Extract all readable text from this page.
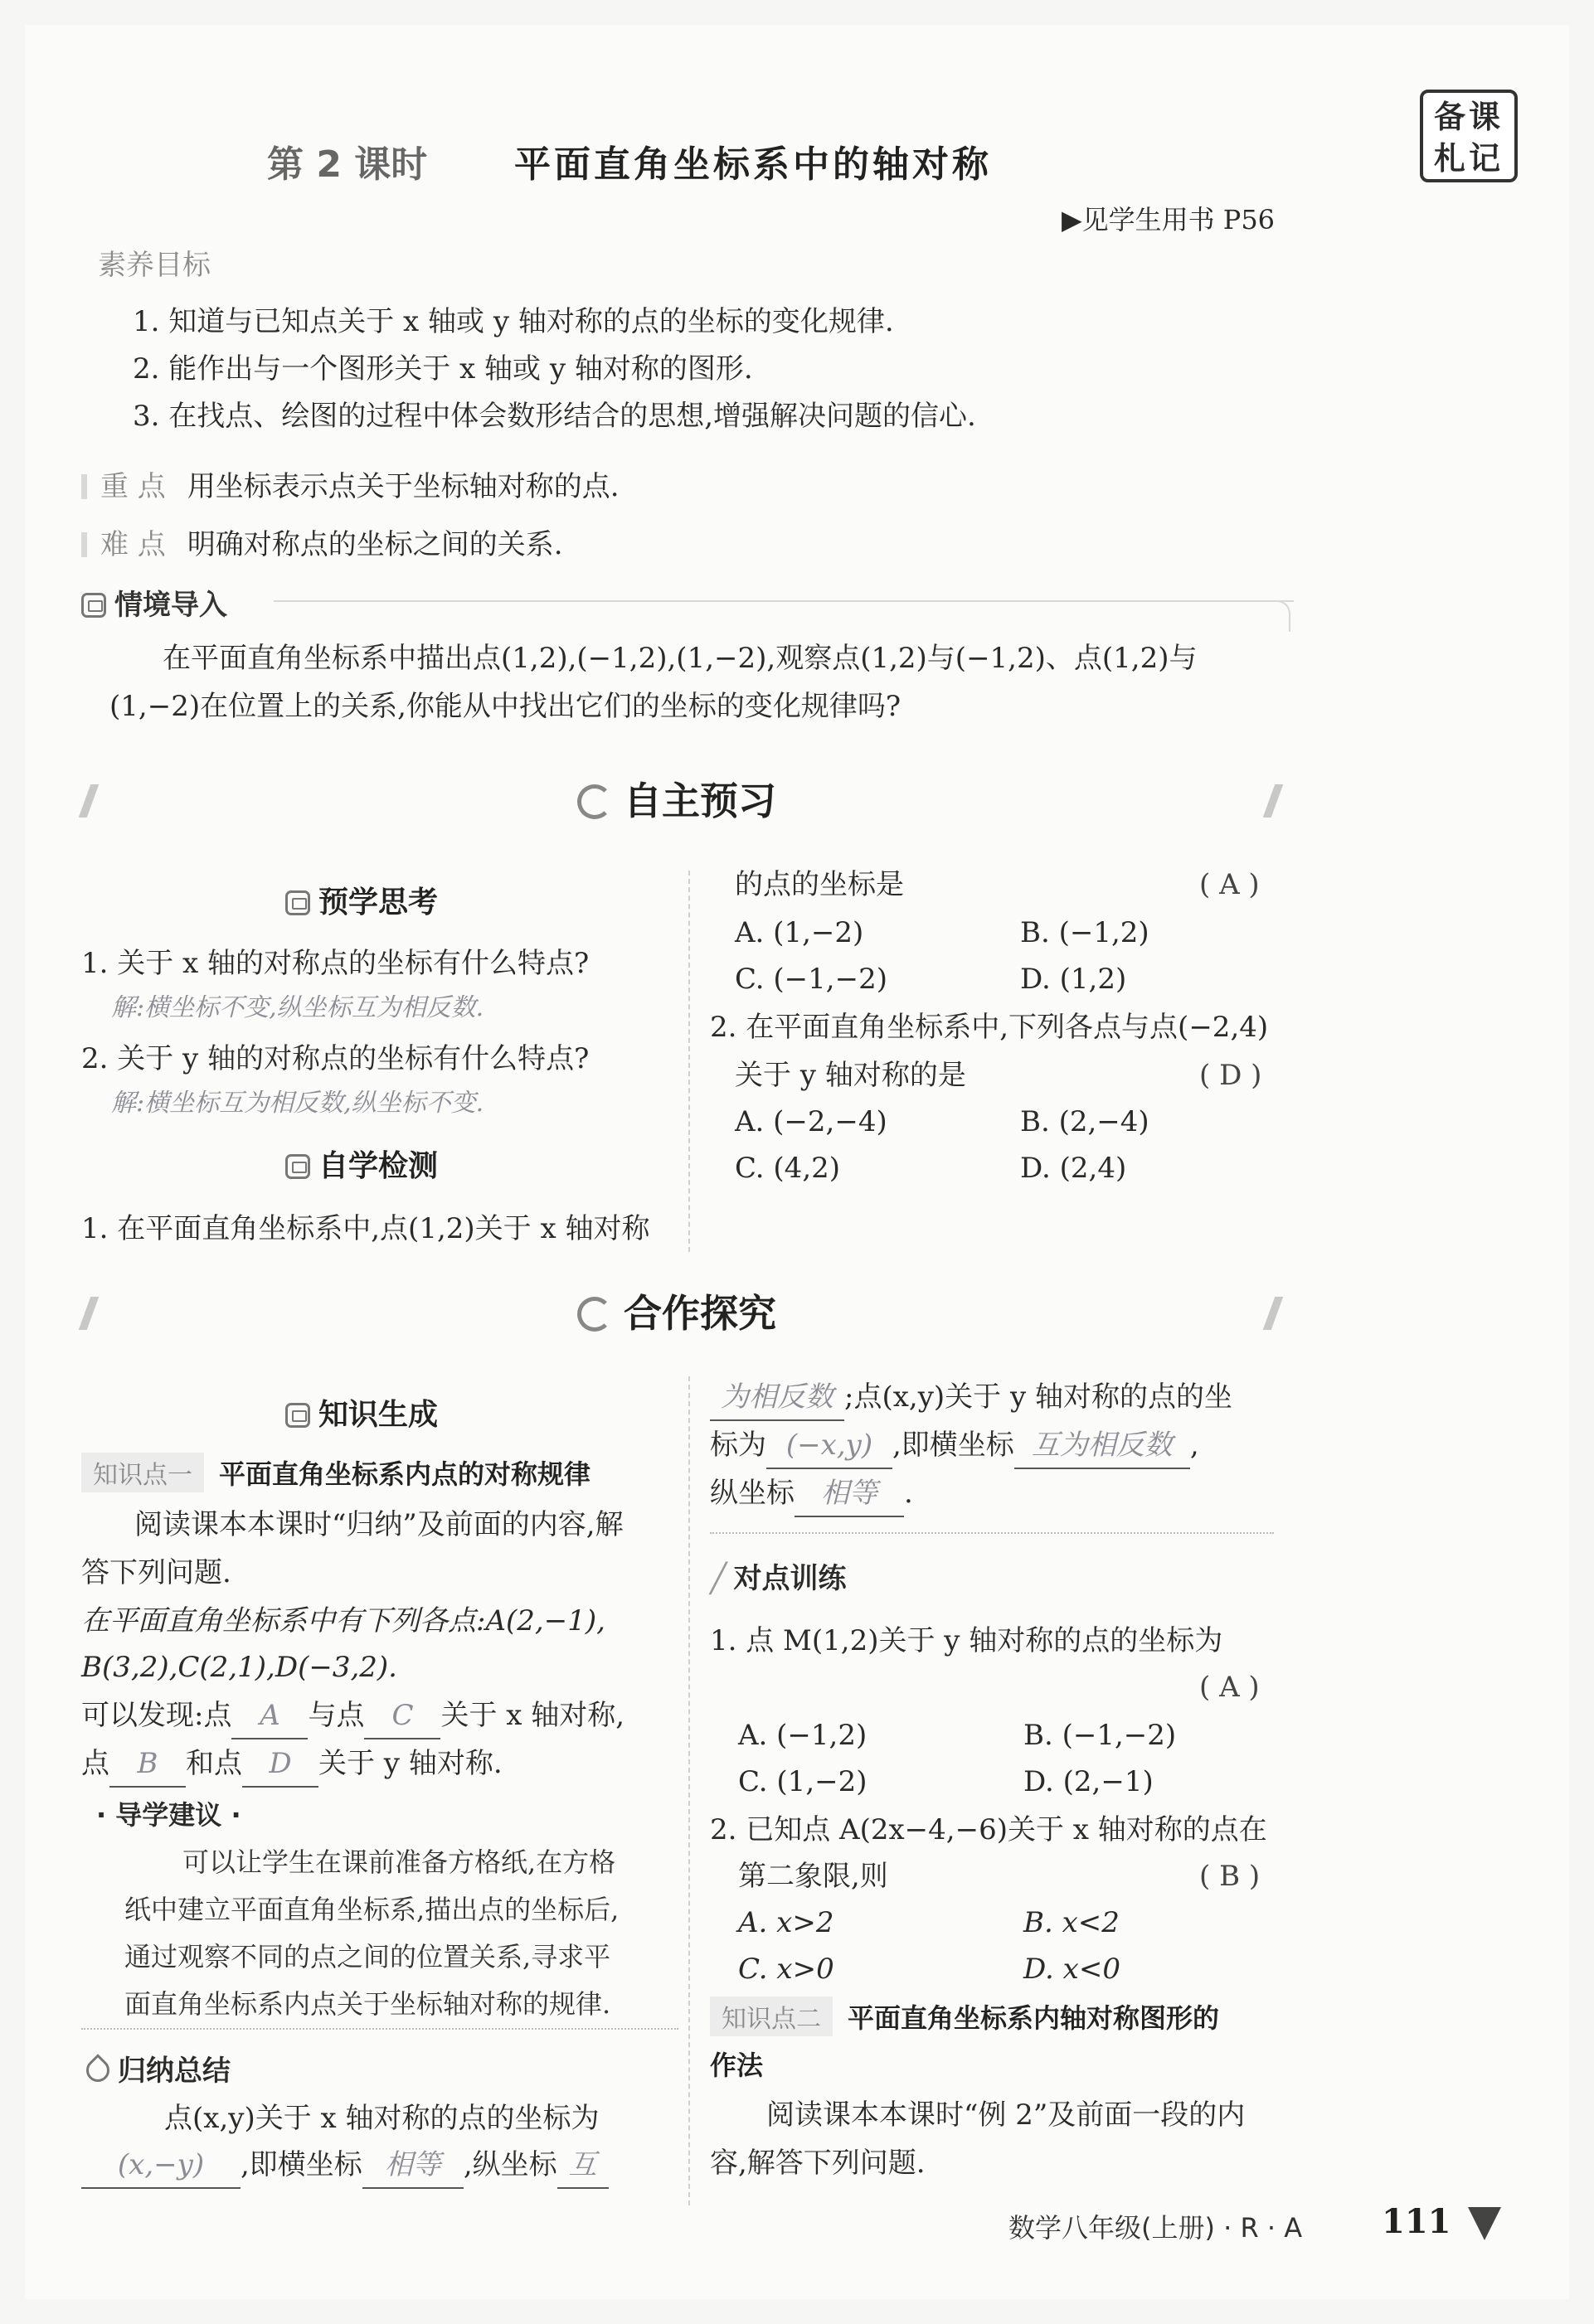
第 2 课时 平面直角坐标系中的轴对称
备课
札记
▶见学生用书 P56
素养目标
1. 知道与已知点关于 x 轴或 y 轴对称的点的坐标的变化规律.
2. 能作出与一个图形关于 x 轴或 y 轴对称的图形.
3. 在找点、绘图的过程中体会数形结合的思想,增强解决问题的信心.
重 点 用坐标表示点关于坐标轴对称的点.
难 点 明确对称点的坐标之间的关系.
情境导入
在平面直角坐标系中描出点(1,2),(−1,2),(1,−2),观察点(1,2)与(−1,2)、点(1,2)与
(1,−2)在位置上的关系,你能从中找出它们的坐标的变化规律吗?
自主预习
预学思考
1. 关于 x 轴的对称点的坐标有什么特点?
解:横坐标不变,纵坐标互为相反数.
2. 关于 y 轴的对称点的坐标有什么特点?
解:横坐标互为相反数,纵坐标不变.
自学检测
1. 在平面直角坐标系中,点(1,2)关于 x 轴对称
的点的坐标是	( A )
A. (1,−2)	B. (−1,2)
C. (−1,−2)	D. (1,2)
2. 在平面直角坐标系中,下列各点与点(−2,4)
关于 y 轴对称的是	( D )
A. (−2,−4)	B. (2,−4)
C. (4,2)	D. (2,4)
合作探究
知识生成
知识点一 平面直角坐标系内点的对称规律
阅读课本本课时“归纳”及前面的内容,解
答下列问题.
在平面直角坐标系中有下列各点:A(2,−1),
B(3,2),C(2,1),D(−3,2).
可以发现:点 A 与点 C 关于 x 轴对称,
点 B 和点 D 关于 y 轴对称.
· 导学建议 ·
可以让学生在课前准备方格纸,在方格
纸中建立平面直角坐标系,描出点的坐标后,
通过观察不同的点之间的位置关系,寻求平
面直角坐标系内点关于坐标轴对称的规律.
归纳总结
点(x,y)关于 x 轴对称的点的坐标为
(x,−y) ,即横坐标 相等 ,纵坐标 互
为相反数 ;点(x,y)关于 y 轴对称的点的坐
标为 (−x,y) ,即横坐标 互为相反数 ,
纵坐标 相等 .
╱ 对点训练
1. 点 M(1,2)关于 y 轴对称的点的坐标为
( A )
A. (−1,2)	B. (−1,−2)
C. (1,−2)	D. (2,−1)
2. 已知点 A(2x−4,−6)关于 x 轴对称的点在
第二象限,则	( B )
A. x>2	B. x<2
C. x>0	D. x<0
知识点二 平面直角坐标系内轴对称图形的
作法
阅读课本本课时“例 2”及前面一段的内
容,解答下列问题.
数学八年级(上册) · R · A 111
